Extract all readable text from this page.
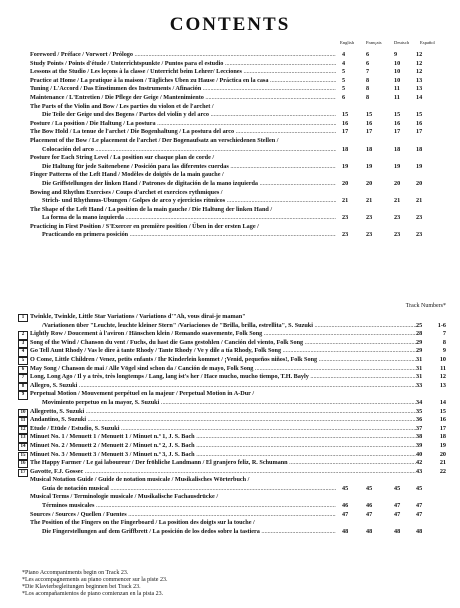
CONTENTS
English	Français	Deutsch Español
Foreword / Préface / Vorwort / Prólogo .....	4	6	9	12
Study Points / Points d'étude / Unterrichtspunkte / Puntos para el estudio .....	4	6	10	12
Lessons at the Studio / Les leçons à la classe / Unterricht beim Lehrer/ Lecciones .....	5	7	10	12
Practice at Home / La pratique à la maison / Tägliches Üben zu Hause / Práctica en la casa .....	5	8	10	13
Tuning / L'Accord / Das Einstimmen des Instruments / Afinación .....	5	8	11	13
Maintenance / L'Entretien / Die Pflege der Geige / Mantenimiento .....	6	8	11	14
The Parts of the Violin and Bow / Les parties du violon et de l'archet /
Die Teile der Geige und des Bogens / Partes del violín y del arco .....	15	15	15	15
Posture / La position / Die Haltung / La postura .....	16	16	16	16
The Bow Hold / La tenue de l'archet / Die Bogenhaltung / La postura del arco .....	17	17	17	17
Placement of the Bow / Le placement de l'archet / Der Bogenaufsatz an verschiedenen Stellen /
Colocación del arco .....	18	18	18	18
Posture for Each String Level / La position sur chaque plan de corde /
Die Haltung für jede Saitenebene / Posición para las diferentes cuerdas .....	19	19	19	19
Finger Patterns of the Left Hand / Modèles de doigtés de la main gauche /
Die Griffstellungen der linken Hand / Patrones de digitación de la mano izquierda .....	20	20	20	20
Bowing and Rhythm Exercises / Coups d'archet et exercices rythmiques /
Strich- und Rhythmus-Übungen / Golpes de arco y ejercicios rítmicos .....	21	21	21	21
The Shape of the Left Hand / La position de la main gauche / Die Haltung der linken Hand /
La forma de la mano izquierda .....	23	23	23	23
Practicing in First Position / S'Exercer en première position / Üben in der ersten Lage /
Practicando en primera posición .....	23	23	23	23
Track Numbers*
1 Twinkle, Twinkle, Little Star Variations / Variations d'"Ah, vous dirai-je maman"
/Variationen über "Leuchte, leuchte kleiner Stern" /Variaciones de "Brilla, brilla, estrellita", S. Suzuki .....	25	1-6
2 Lightly Row / Doucement à l'aviron / Hänschen klein / Remando suavemente, Folk Song .....	28	7
3 Song of the Wind / Chanson du vent / Fuchs, du hast die Gans gestohlen / Canción del viento, Folk Song .....	29	8
4 Go Tell Aunt Rhody / Vas le dire à tante Rhody / Tante Rhody / Ve y dile a tía Rhody, Folk Song .....	29	9
5 O Come, Little Children / Venez, petits enfants / Ihr Kinderlein kommet / ¡Venid, pequeños niños!, Folk Song .....	31	10
6 May Song / Chanson de mai / Alle Vögel sind schon da / Canción de mayo, Folk Song .....	31	11
7 Long, Long Ago / Il y a très, très longtemps / Lang, lang ist's her / Hace mucho, mucho tiempo, T.H. Bayly .....	31	12
8 Allegro, S. Suzuki .....	33	13
9 Perpetual Motion / Mouvement perpétuel en la majeur / Perpetual Motion in A-Dur /
Movimiento perpetuo en la mayor, S. Suzuki .....	34	14
10 Allegretto, S. Suzuki .....	35	15
11 Andantino, S. Suzuki .....	36	16
12 Etude / Etüde / Estudio, S. Suzuki .....	37	17
13 Minuet No. 1 / Menuett 1 / Menuett 1 / Minuet n.º 1, J. S. Bach .....	38	18
14 Minuet No. 2 / Menuett 2 / Menuett 2 / Minuet n.º 2, J. S. Bach .....	39	19
15 Minuet No. 3 / Menuett 3 / Menuett 3 / Minuet n.º 3, J. S. Bach .....	40	20
16 The Happy Farmer / Le gai laboureur / Der fröhliche Landmann / El granjero feliz, R. Schumann .....	42	21
17 Gavotte, F.J. Gossec .....	43	22
Musical Notation Guide / Guide de notation musicale / Musikalisches Wörterbuch /
Guía de notación musical .....	45	45	45	45
Musical Terms / Terminologie musicale / Musikalische Fachausdrücke /
Términos musicales .....	46	46	47	47
Sources / Sources / Quellen / Fuentes .....	47	47	47	47
The Position of the Fingers on the Fingerboard / La position des doigts sur la touche /
Die Fingerstellungen auf dem Griffbrett / La posición de los dedos sobre la tastiera .....	48	48	48	48
*Piano Accompaniments begin on Track 23.
*Les accompagnements au piano commencer sur la piste 23.
*Die Klavierbegleitungen beginnen bei Track 23.
*Los acompañamientos de piano comienzan en la pista 23.
